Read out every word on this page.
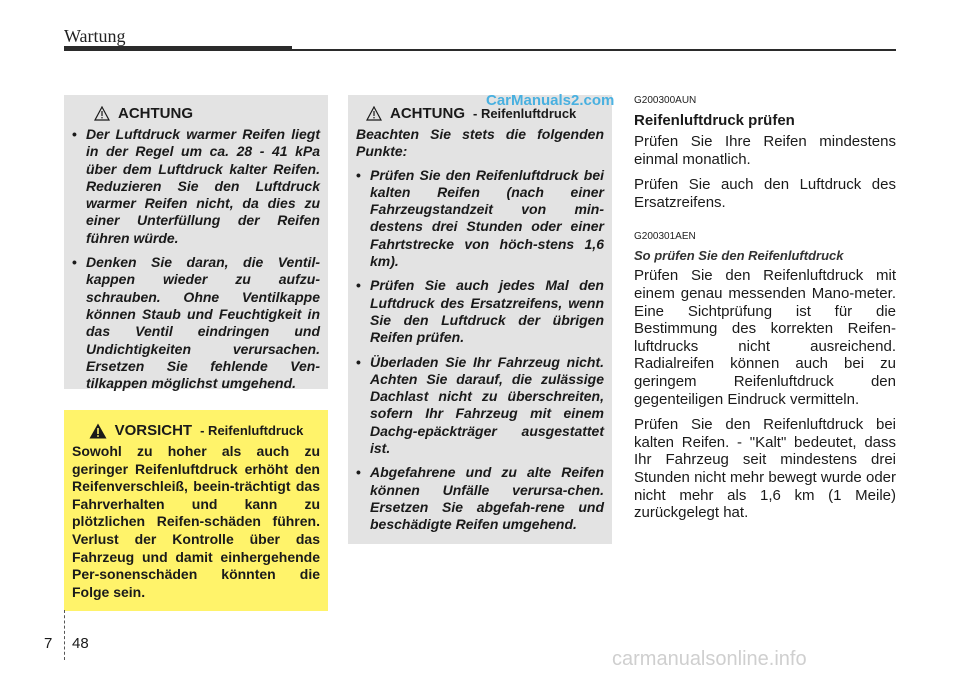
Wartung
ACHTUNG
• Der Luftdruck warmer Reifen liegt in der Regel um ca. 28 - 41 kPa über dem Luftdruck kalter Reifen. Reduzieren Sie den Luftdruck warmer Reifen nicht, da dies zu einer Unterfüllung der Reifen führen würde.
• Denken Sie daran, die Ventil-kappen wieder zu aufzu-schrauben. Ohne Ventilkappe können Staub und Feuchtigkeit in das Ventil eindringen und Undichtigkeiten verursachen. Ersetzen Sie fehlende Ven-tilkappen möglichst umgehend.
VORSICHT - Reifenluftdruck

Sowohl zu hoher als auch zu geringer Reifenluftdruck erhöht den Reifenverschleiß, beein-trächtigt das Fahrverhalten und kann zu plötzlichen Reifen-schäden führen. Verlust der Kontrolle über das Fahrzeug und damit einhergehende Per-sonenschäden könnten die Folge sein.

ACHTUNG - Reifenluftdruck

Beachten Sie stets die folgenden Punkte:

• Prüfen Sie den Reifenluftdruck bei kalten Reifen (nach einer Fahrzeugstandzeit von min-destens drei Stunden oder einer Fahrtstrecke von höch-stens 1,6 km).
• Prüfen Sie auch jedes Mal den Luftdruck des Ersatzreifens, wenn Sie den Luftdruck der übrigen Reifen prüfen.
• Überladen Sie Ihr Fahrzeug nicht. Achten Sie darauf, die zulässige Dachlast nicht zu überschreiten, sofern Ihr Fahrzeug mit einem Dachg-epäckträger ausgestattet ist.
• Abgefahrene und zu alte Reifen können Unfälle verursa-chen. Ersetzen Sie abgefah-rene und beschädigte Reifen umgehend.
CarManuals2.com G200300AUN

Reifenluftdruck prüfen

Prüfen Sie Ihre Reifen mindestens einmal monatlich.

Prüfen Sie auch den Luftdruck des Ersatzreifens.

G200301AEN

So prüfen Sie den Reifenluftdruck

Prüfen Sie den Reifenluftdruck mit einem genau messenden Mano-meter. Eine Sichtprüfung ist für die Bestimmung des korrekten Reifen-luftdrucks nicht ausreichend. Radialreifen können auch bei zu geringem Reifenluftdruck den gegenteiligen Eindruck vermitteln.

Prüfen Sie den Reifenluftdruck bei kalten Reifen. - "Kalt" bedeutet, dass Ihr Fahrzeug seit mindestens drei Stunden nicht mehr bewegt wurde oder nicht mehr als 1,6 km (1 Meile) zurückgelegt hat.

7 48
carmanualsonline.info
